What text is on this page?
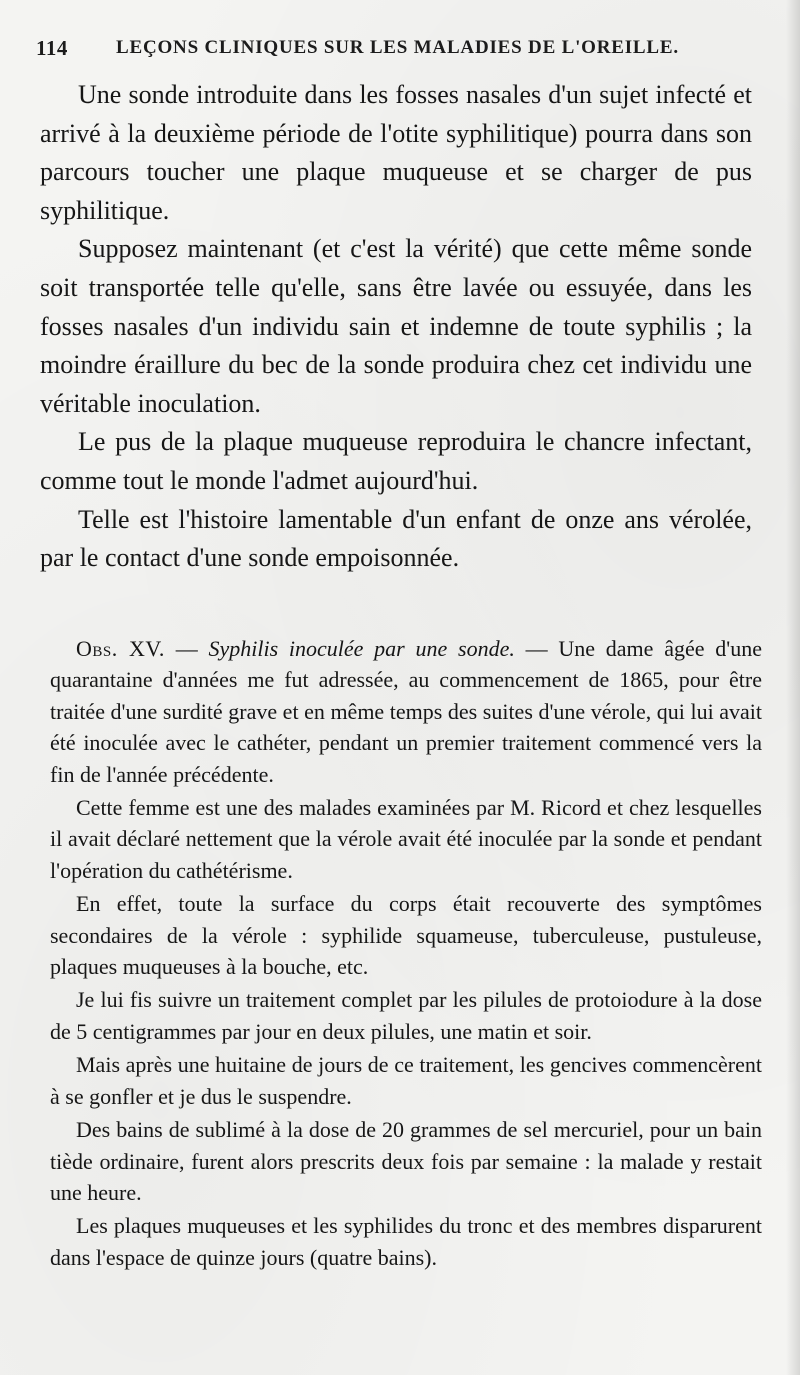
114	LEÇONS CLINIQUES SUR LES MALADIES DE L'OREILLE.

Une sonde introduite dans les fosses nasales d'un sujet infecté et arrivé à la deuxième période de l'otite syphilitique) pourra dans son parcours toucher une plaque muqueuse et se charger de pus syphilitique.

Supposez maintenant (et c'est la vérité) que cette même sonde soit transportée telle qu'elle, sans être lavée ou essuyée, dans les fosses nasales d'un individu sain et indemne de toute syphilis ; la moindre éraillure du bec de la sonde produira chez cet individu une véritable inoculation.

Le pus de la plaque muqueuse reproduira le chancre infectant, comme tout le monde l'admet aujourd'hui.

Telle est l'histoire lamentable d'un enfant de onze ans vérolée, par le contact d'une sonde empoisonnée.

Obs. XV. — Syphilis inoculée par une sonde. — Une dame âgée d'une quarantaine d'années me fut adressée, au commencement de 1865, pour être traitée d'une surdité grave et en même temps des suites d'une vérole, qui lui avait été inoculée avec le cathéter, pendant un premier traitement commencé vers la fin de l'année précédente.

Cette femme est une des malades examinées par M. Ricord et chez lesquelles il avait déclaré nettement que la vérole avait été inoculée par la sonde et pendant l'opération du cathétérisme.

En effet, toute la surface du corps était recouverte des symptômes secondaires de la vérole : syphilide squameuse, tuberculeuse, pustuleuse, plaques muqueuses à la bouche, etc.

Je lui fis suivre un traitement complet par les pilules de protoiodure à la dose de 5 centigrammes par jour en deux pilules, une matin et soir.

Mais après une huitaine de jours de ce traitement, les gencives commencèrent à se gonfler et je dus le suspendre.

Des bains de sublimé à la dose de 20 grammes de sel mercuriel, pour un bain tiède ordinaire, furent alors prescrits deux fois par semaine : la malade y restait une heure.

Les plaques muqueuses et les syphilides du tronc et des membres disparurent dans l'espace de quinze jours (quatre bains).
